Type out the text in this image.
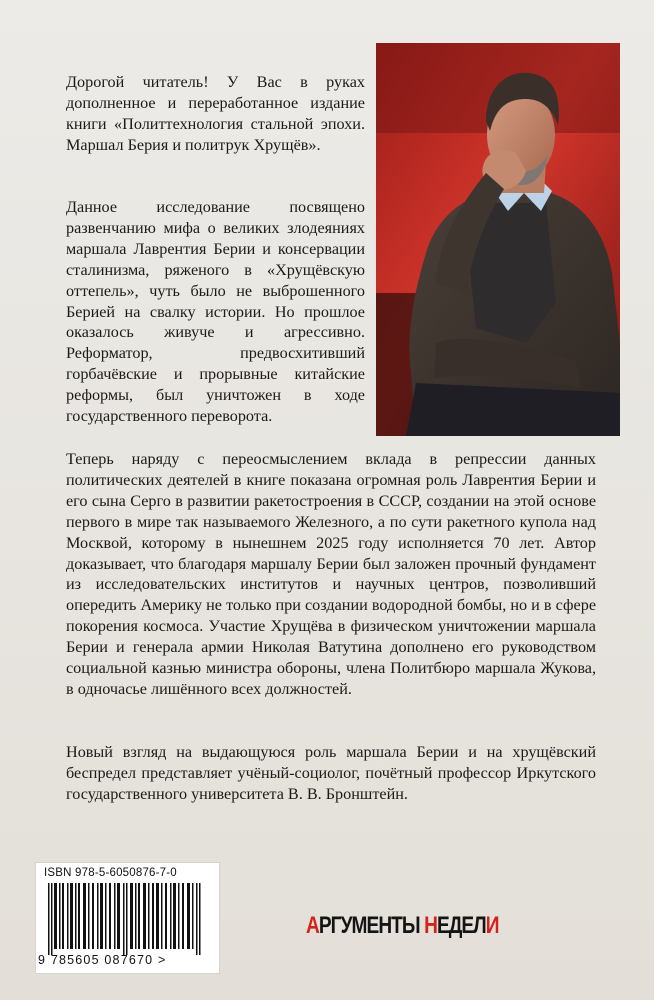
Дорогой читатель! У Вас в руках дополненное и переработанное издание книги «Политтехнология стальной эпохи. Маршал Берия и политрук Хрущёв».

Данное исследование посвящено развенчанию мифа о великих злодеяниях маршала Лаврентия Берии и консервации сталинизма, ряженого в «Хрущёвскую оттепель», чуть было не выброшенного Берией на свалку истории. Но прошлое оказалось живуче и агрессивно. Реформатор, предвосхитивший горбачёвские и прорывные китайские реформы, был уничтожен в ходе государственного переворота.

Теперь наряду с переосмыслением вклада в репрессии данных политических деятелей в книге показана огромная роль Лаврентия Берии и его сына Серго в развитии ракетостроения в СССР, создании на этой основе первого в мире так называемого Железного, а по сути ракетного купола над Москвой, которому в нынешнем 2025 году исполняется 70 лет. Автор доказывает, что благодаря маршалу Берии был заложен прочный фундамент из исследовательских институтов и научных центров, позволивший опередить Америку не только при создании водородной бомбы, но и в сфере покорения космоса. Участие Хрущёва в физическом уничтожении маршала Берии и генерала армии Николая Ватутина дополнено его руководством социальной казнью министра обороны, члена Политбюро маршала Жукова, в одночасье лишённого всех должностей.

Новый взгляд на выдающуюся роль маршала Берии и на хрущёвский беспредел представляет учёный-социолог, почётный профессор Иркутского государственного университета В. В. Бронштейн.

ISBN 978-5-6050876-7-0
9 785605 087670 >
АРГУМЕНТЫ НЕДЕЛИ
